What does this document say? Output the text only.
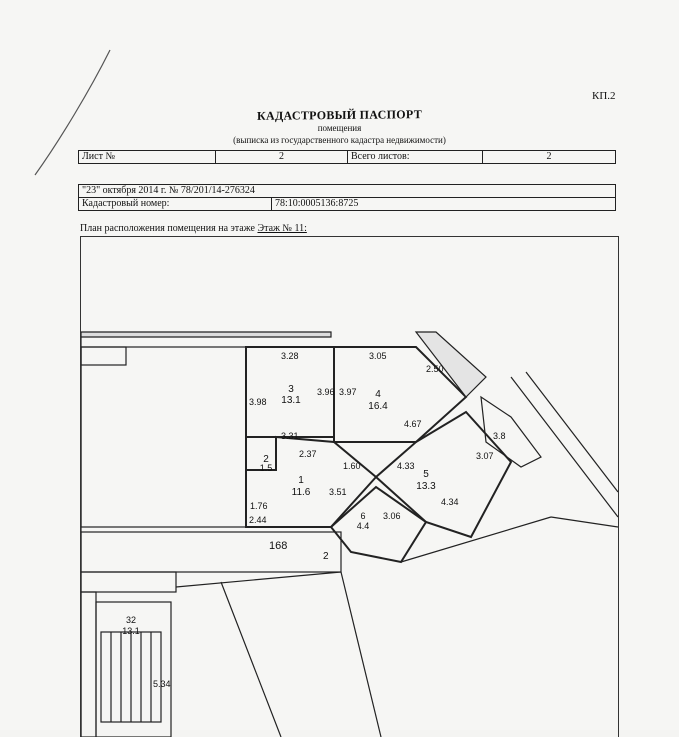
КП.2
КАДАСТРОВЫЙ ПАСПОРТ
помещения
(выписка из государственного кадастра недвижимости)
Лист №	2	Всего листов:	2
"23" октября 2014 г. № 78/201/14-276324
Кадастровый номер:	78:10:0005136:8725
План расположения помещения на этаже Этаж № 11:
3.28	3.05
2.50
3.98
3.96 3.97
3.31
2.37
1.60
4.67
3.8
3.07
4.33
1.76
3.51
3.06
4.34
2.44
168
2
5.34
3
13.1
4
16.4
2
1.5
1
11.6
5
13.3
6
4.4
32
13.1
